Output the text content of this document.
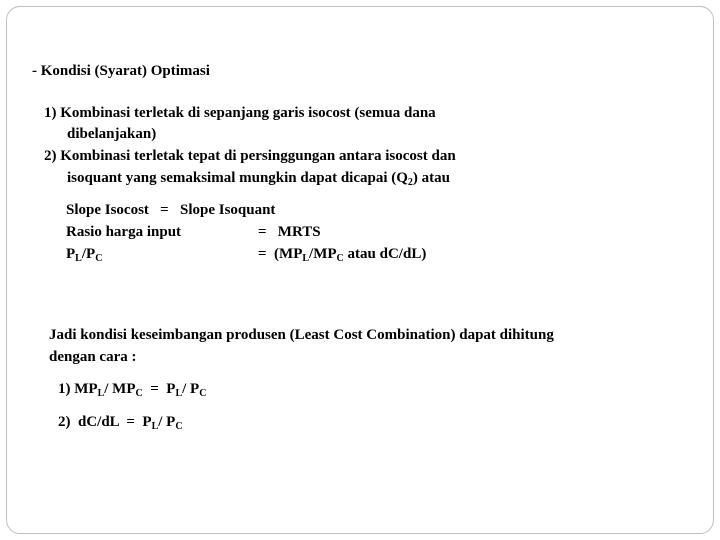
- Kondisi (Syarat) Optimasi
1) Kombinasi terletak di sepanjang garis isocost (semua dana
dibelanjakan)
2) Kombinasi terletak tepat di persinggungan antara isocost dan
isoquant yang semaksimal mungkin dapat dicapai $(Q_2)$ atau
Slope Isocost   =   Slope Isoquant
Rasio harga input	=   MRTS
$P_L/P_C$	=  ($MP_L/MP_C$ atau dC/dL)
Jadi kondisi keseimbangan produsen (Least Cost Combination) dapat dihitung
dengan cara :
1) $MP_L/$ $MP_C = P_L/$ $P_C$
2)  $dC/dL = P_L/$ $P_C$
